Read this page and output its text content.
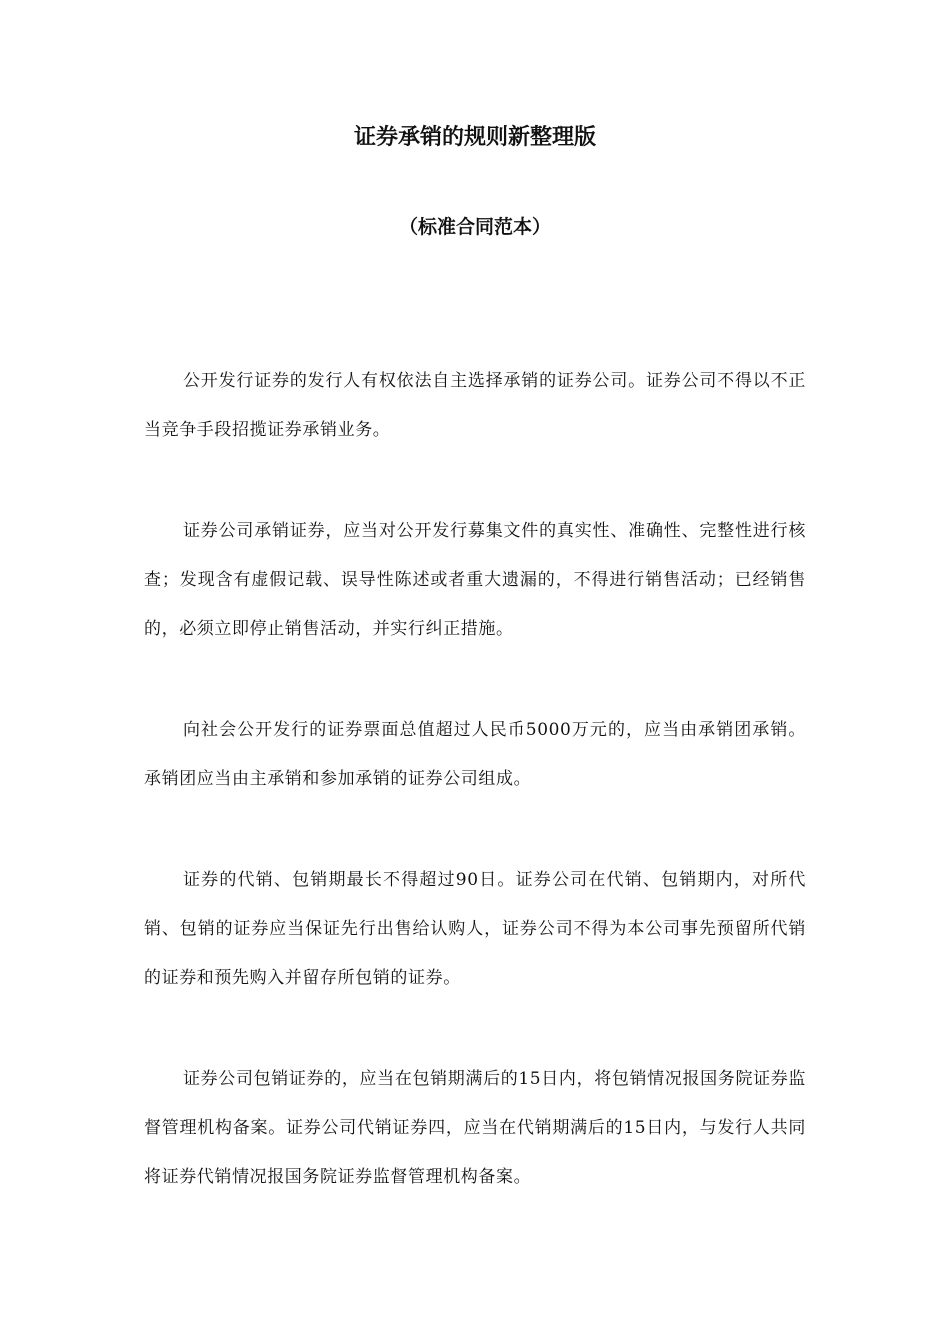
证券承销的规则新整理版
（标准合同范本）

公开发行证券的发行人有权依法自主选择承销的证券公司。证券公司不得以不正当竞争手段招揽证券承销业务。

证券公司承销证券，应当对公开发行募集文件的真实性、准确性、完整性进行核查；发现含有虚假记载、误导性陈述或者重大遗漏的，不得进行销售活动；已经销售的，必须立即停止销售活动，并实行纠正措施。

向社会公开发行的证券票面总值超过人民币5000万元的，应当由承销团承销。承销团应当由主承销和参加承销的证券公司组成。

证券的代销、包销期最长不得超过90日。证券公司在代销、包销期内，对所代销、包销的证券应当保证先行出售给认购人，证券公司不得为本公司事先预留所代销的证券和预先购入并留存所包销的证券。

证券公司包销证券的，应当在包销期满后的15日内，将包销情况报国务院证券监督管理机构备案。证券公司代销证券四，应当在代销期满后的15日内，与发行人共同将证券代销情况报国务院证券监督管理机构备案。
